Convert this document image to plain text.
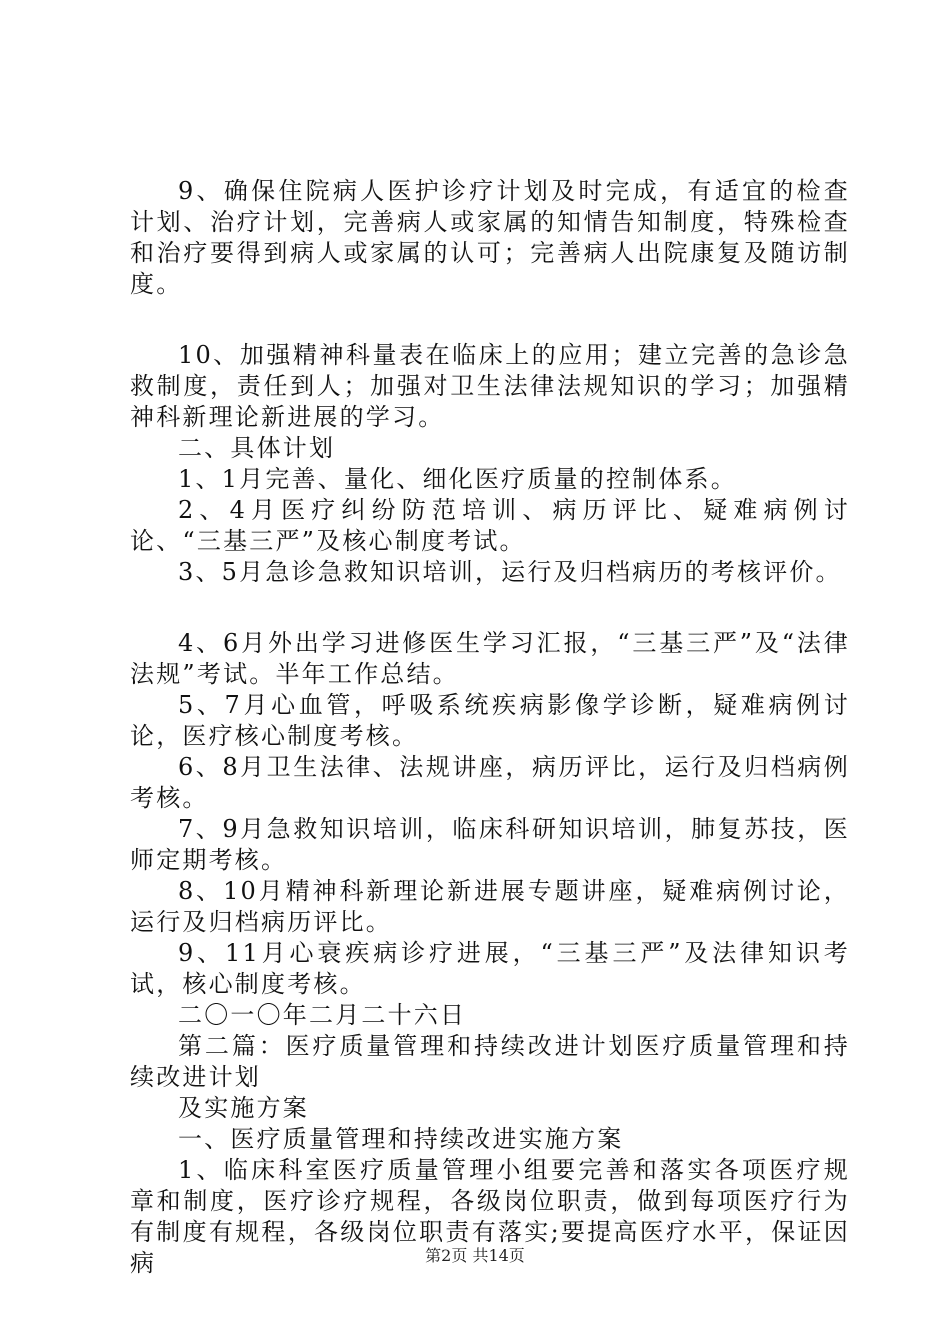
9、确保住院病人医护诊疗计划及时完成，有适宜的检查计划、治疗计划，完善病人或家属的知情告知制度，特殊检查和治疗要得到病人或家属的认可；完善病人出院康复及随访制度。

10、加强精神科量表在临床上的应用；建立完善的急诊急救制度，责任到人；加强对卫生法律法规知识的学习；加强精神科新理论新进展的学习。

二、具体计划

1、1月完善、量化、细化医疗质量的控制体系。

2、4月医疗纠纷防范培训、病历评比、疑难病例讨论、“三基三严”及核心制度考试。

3、5月急诊急救知识培训，运行及归档病历的考核评价。

4、6月外出学习进修医生学习汇报，“三基三严”及“法律法规”考试。半年工作总结。

5、7月心血管，呼吸系统疾病影像学诊断，疑难病例讨论，医疗核心制度考核。

6、8月卫生法律、法规讲座，病历评比，运行及归档病例考核。

7、9月急救知识培训，临床科研知识培训，肺复苏技，医师定期考核。

8、10月精神科新理论新进展专题讲座，疑难病例讨论，运行及归档病历评比。

9、11月心衰疾病诊疗进展，“三基三严”及法律知识考试，核心制度考核。

二〇一〇年二月二十六日

第二篇：医疗质量管理和持续改进计划医疗质量管理和持续改进计划

及实施方案

一、医疗质量管理和持续改进实施方案

1、临床科室医疗质量管理小组要完善和落实各项医疗规章和制度，医疗诊疗规程，各级岗位职责，做到每项医疗行为有制度有规程，各级岗位职责有落实;要提高医疗水平，保证因病	第2页 共14页
